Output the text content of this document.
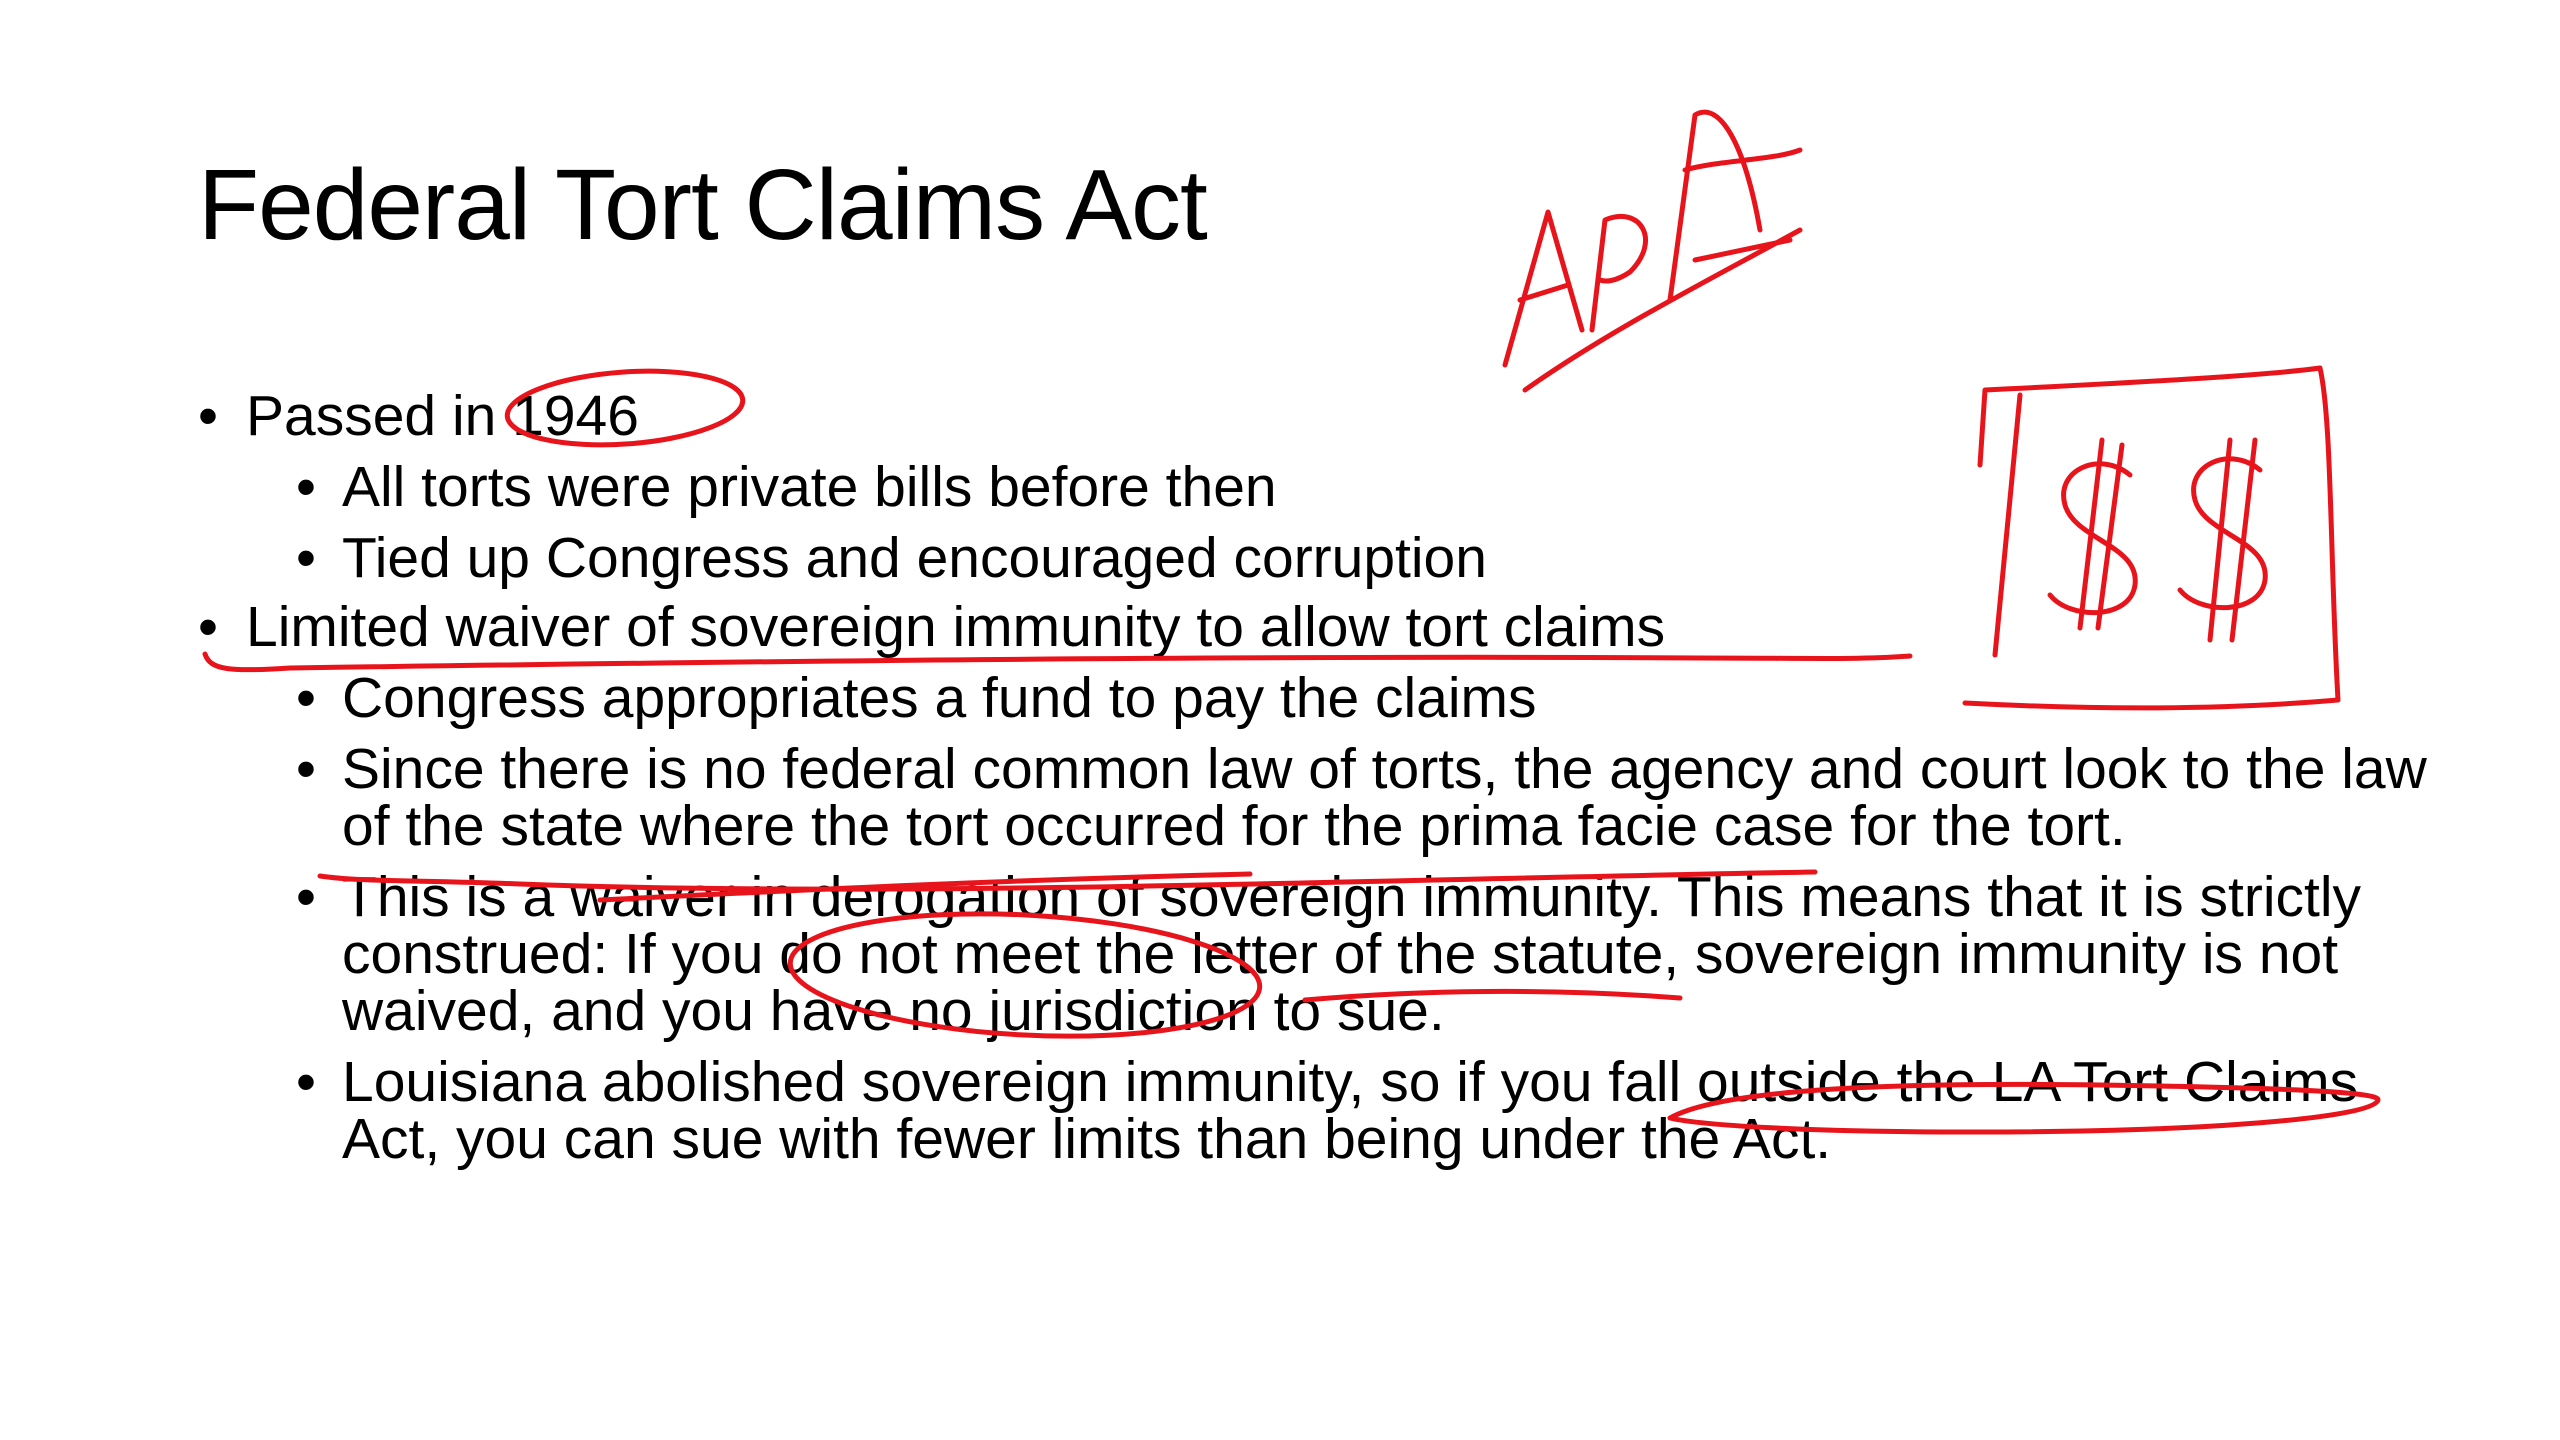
Federal Tort Claims Act
• Passed in 1946
• All torts were private bills before then
• Tied up Congress and encouraged corruption
• Limited waiver of sovereign immunity to allow tort claims
• Congress appropriates a fund to pay the claims
• Since there is no federal common law of torts, the agency and court look to the law of the state where the tort occurred for the prima facie case for the tort.
• This is a waiver in derogation of sovereign immunity. This means that it is strictly construed: If you do not meet the letter of the statute, sovereign immunity is not waived, and you have no jurisdiction to sue.
• Louisiana abolished sovereign immunity, so if you fall outside the LA Tort Claims Act, you can sue with fewer limits than being under the Act.
